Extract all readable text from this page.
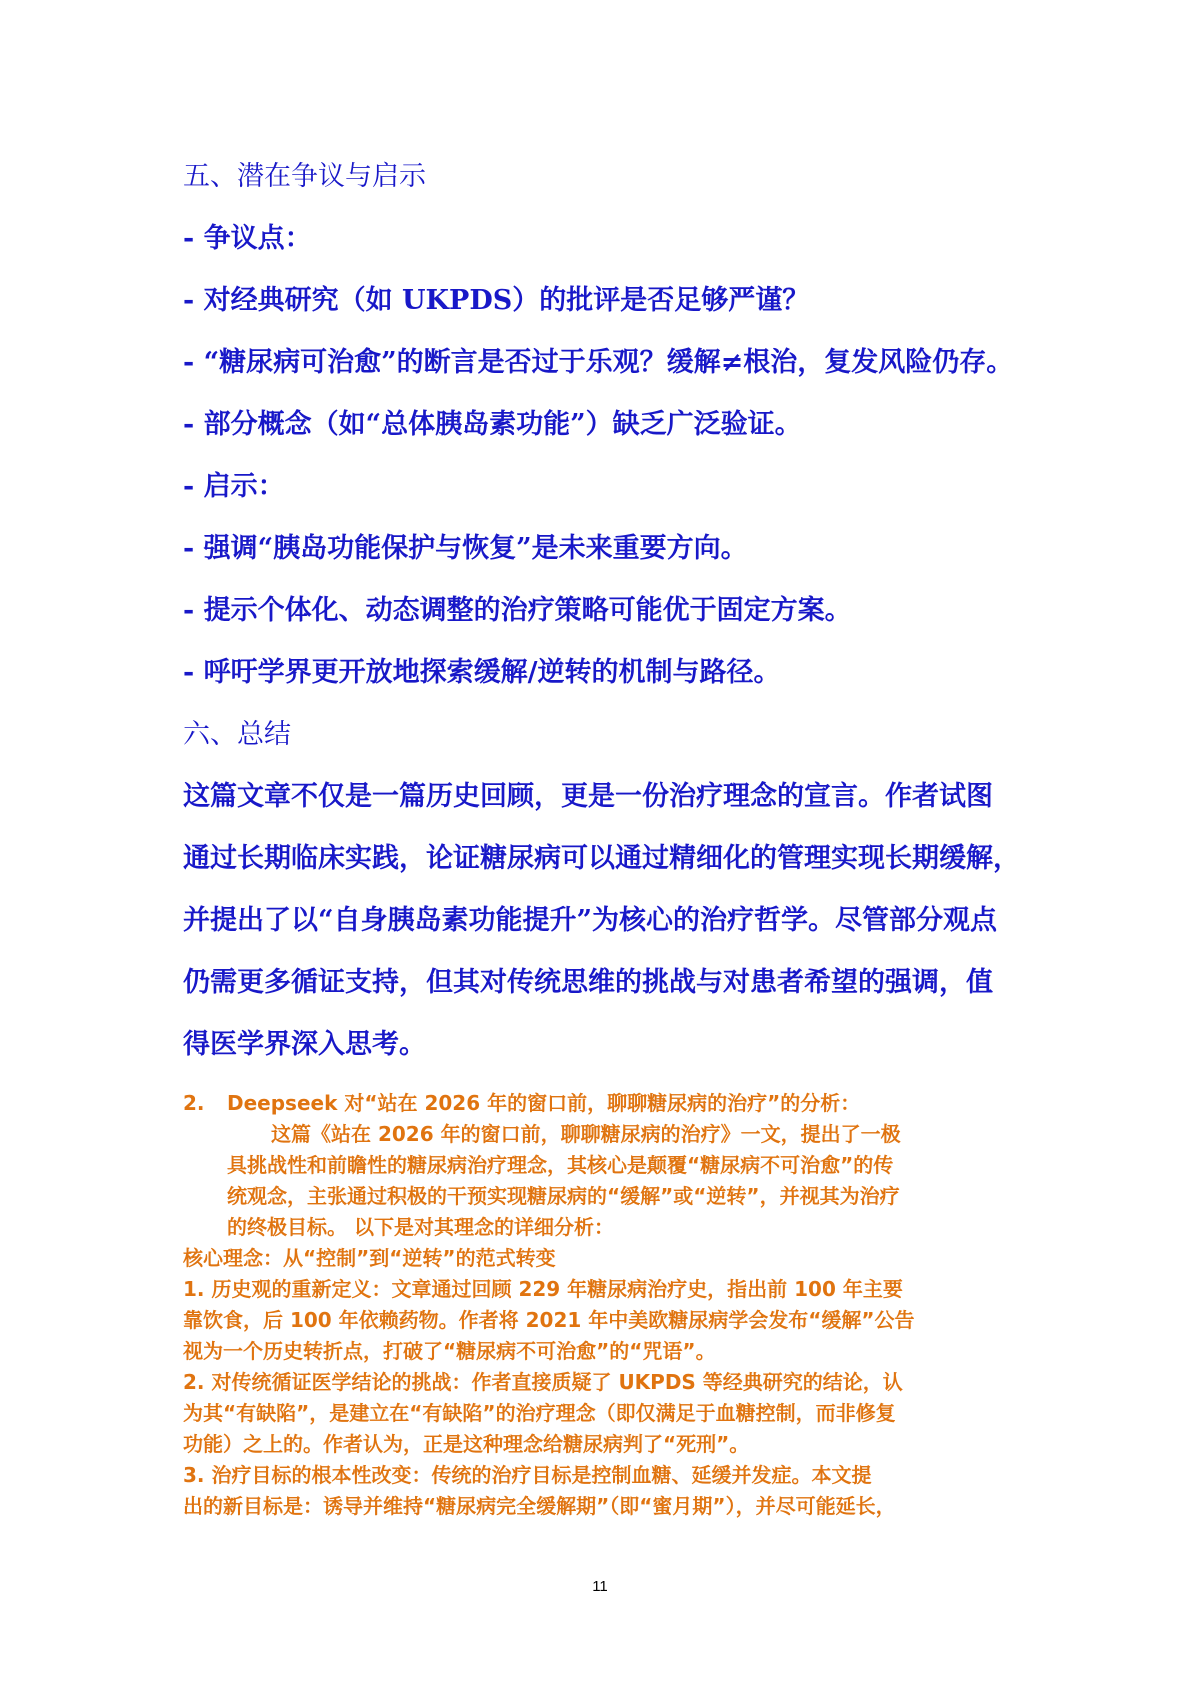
五、潜在争议与启示
- 争议点：
- 对经典研究（如 UKPDS）的批评是否足够严谨？
- “糖尿病可治愈”的断言是否过于乐观？缓解≠根治，复发风险仍存。
- 部分概念（如“总体胰岛素功能”）缺乏广泛验证。
- 启示：
- 强调“胰岛功能保护与恢复”是未来重要方向。
- 提示个体化、动态调整的治疗策略可能优于固定方案。
- 呼吁学界更开放地探索缓解/逆转的机制与路径。
六、总结
这篇文章不仅是一篇历史回顾，更是一份治疗理念的宣言。作者试图
通过长期临床实践，论证糖尿病可以通过精细化的管理实现长期缓解，
并提出了以“自身胰岛素功能提升”为核心的治疗哲学。尽管部分观点
仍需更多循证支持，但其对传统思维的挑战与对患者希望的强调，值
得医学界深入思考。
2. Deepseek 对“站在 2026 年的窗口前，聊聊糖尿病的治疗”的分析：
这篇《站在 2026 年的窗口前，聊聊糖尿病的治疗》一文，提出了一极
具挑战性和前瞻性的糖尿病治疗理念，其核心是颠覆“糖尿病不可治愈”的传
统观念，主张通过积极的干预实现糖尿病的“缓解”或“逆转”，并视其为治疗
的终极目标。 以下是对其理念的详细分析：
核心理念：从“控制”到“逆转”的范式转变
1. 历史观的重新定义：文章通过回顾 229 年糖尿病治疗史，指出前 100 年主要
靠饮食，后 100 年依赖药物。作者将 2021 年中美欧糖尿病学会发布“缓解”公告
视为一个历史转折点，打破了“糖尿病不可治愈”的“咒语”。
2. 对传统循证医学结论的挑战：作者直接质疑了 UKPDS 等经典研究的结论，认
为其“有缺陷”，是建立在“有缺陷”的治疗理念（即仅满足于血糖控制，而非修复
功能）之上的。作者认为，正是这种理念给糖尿病判了“死刑”。
3. 治疗目标的根本性改变：传统的治疗目标是控制血糖、延缓并发症。本文提
出的新目标是：诱导并维持“糖尿病完全缓解期”（即“蜜月期”），并尽可能延长，
11
